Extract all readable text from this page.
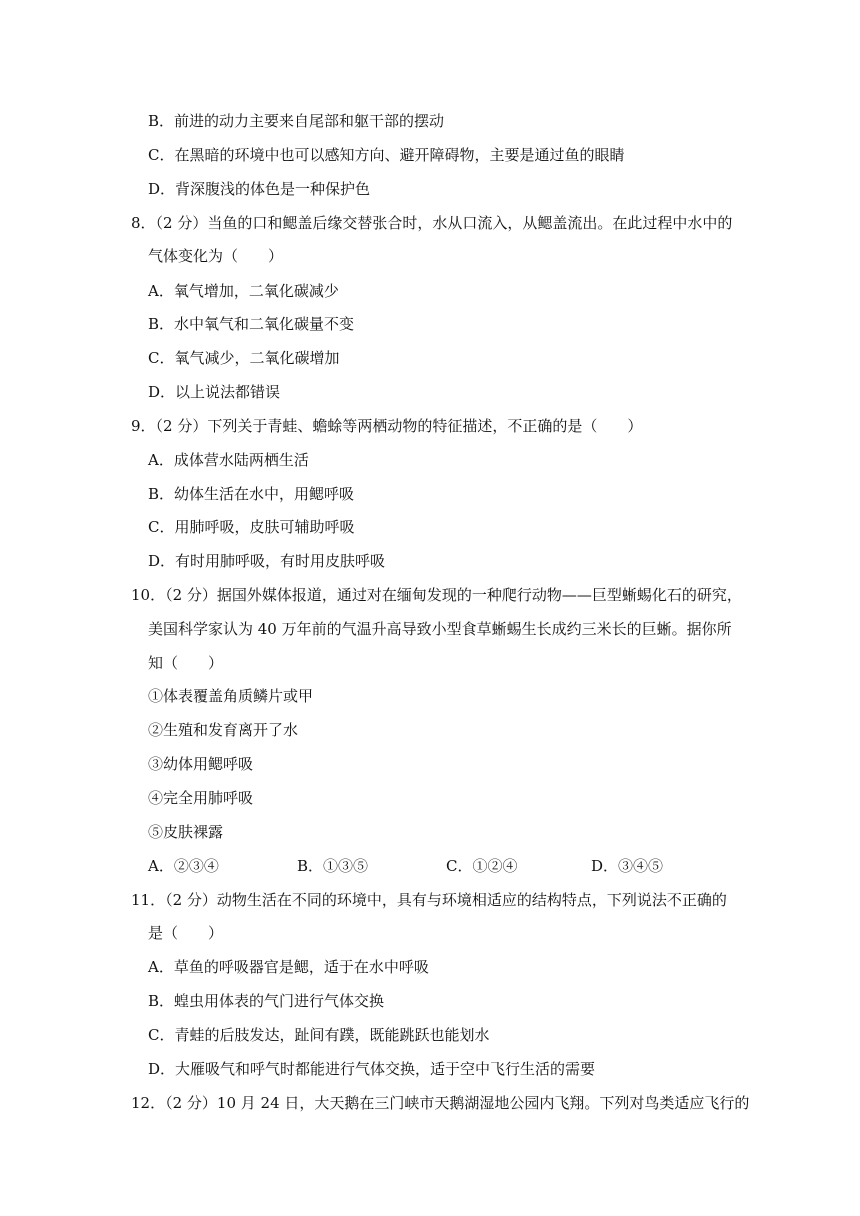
B．前进的动力主要来自尾部和躯干部的摆动
C．在黑暗的环境中也可以感知方向、避开障碍物，主要是通过鱼的眼睛
D．背深腹浅的体色是一种保护色
8．（2 分）当鱼的口和鳃盖后缘交替张合时，水从口流入，从鳃盖流出。在此过程中水中的
气体变化为（　　）
A．氧气增加，二氧化碳减少
B．水中氧气和二氧化碳量不变
C．氧气减少，二氧化碳增加
D．以上说法都错误
9．（2 分）下列关于青蛙、蟾蜍等两栖动物的特征描述，不正确的是（　　）
A．成体营水陆两栖生活
B．幼体生活在水中，用鳃呼吸
C．用肺呼吸，皮肤可辅助呼吸
D．有时用肺呼吸，有时用皮肤呼吸
10．（2 分）据国外媒体报道，通过对在缅甸发现的一种爬行动物——巨型蜥蜴化石的研究，
美国科学家认为 40 万年前的气温升高导致小型食草蜥蜴生长成约三米长的巨蜥。据你所
知（　　）
①体表覆盖角质鳞片或甲
②生殖和发育离开了水
③幼体用鳃呼吸
④完全用肺呼吸
⑤皮肤裸露
A．②③④	B．①③⑤	C．①②④	D．③④⑤
11．（2 分）动物生活在不同的环境中，具有与环境相适应的结构特点，下列说法不正确的
是（　　）
A．草鱼的呼吸器官是鳃，适于在水中呼吸
B．蝗虫用体表的气门进行气体交换
C．青蛙的后肢发达，趾间有蹼，既能跳跃也能划水
D．大雁吸气和呼气时都能进行气体交换，适于空中飞行生活的需要
12．（2 分）10 月 24 日，大天鹅在三门峡市天鹅湖湿地公园内飞翔。下列对鸟类适应飞行的
